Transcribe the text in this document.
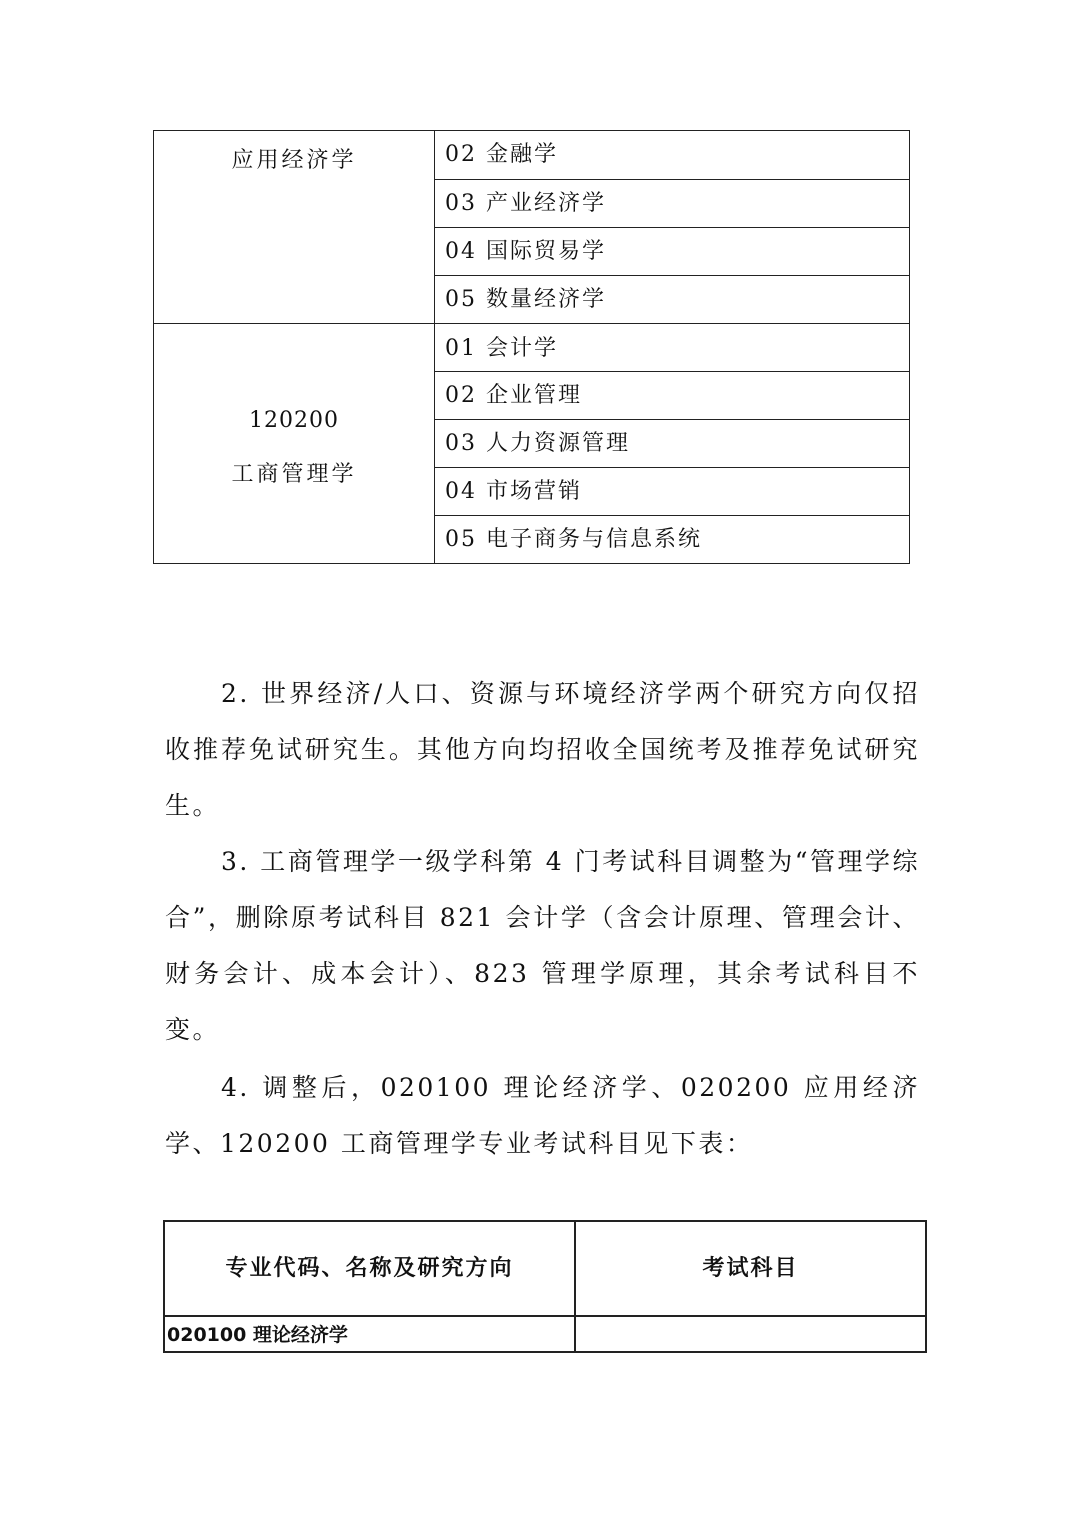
应用经济学	02 金融学
03 产业经济学
04 国际贸易学
05 数量经济学
120200
工商管理学
01 会计学
02 企业管理
03 人力资源管理
04 市场营销
05 电子商务与信息系统
2. 世界经济/人口、资源与环境经济学两个研究方向仅招收推荐免试研究生。其他方向均招收全国统考及推荐免试研究生。
3. 工商管理学一级学科第 4 门考试科目调整为“管理学综合”，删除原考试科目 821 会计学（含会计原理、管理会计、财务会计、成本会计）、823 管理学原理，其余考试科目不变。
4. 调整后，020100 理论经济学、020200 应用经济学、120200 工商管理学专业考试科目见下表：
专业代码、名称及研究方向	考试科目
020100 理论经济学
